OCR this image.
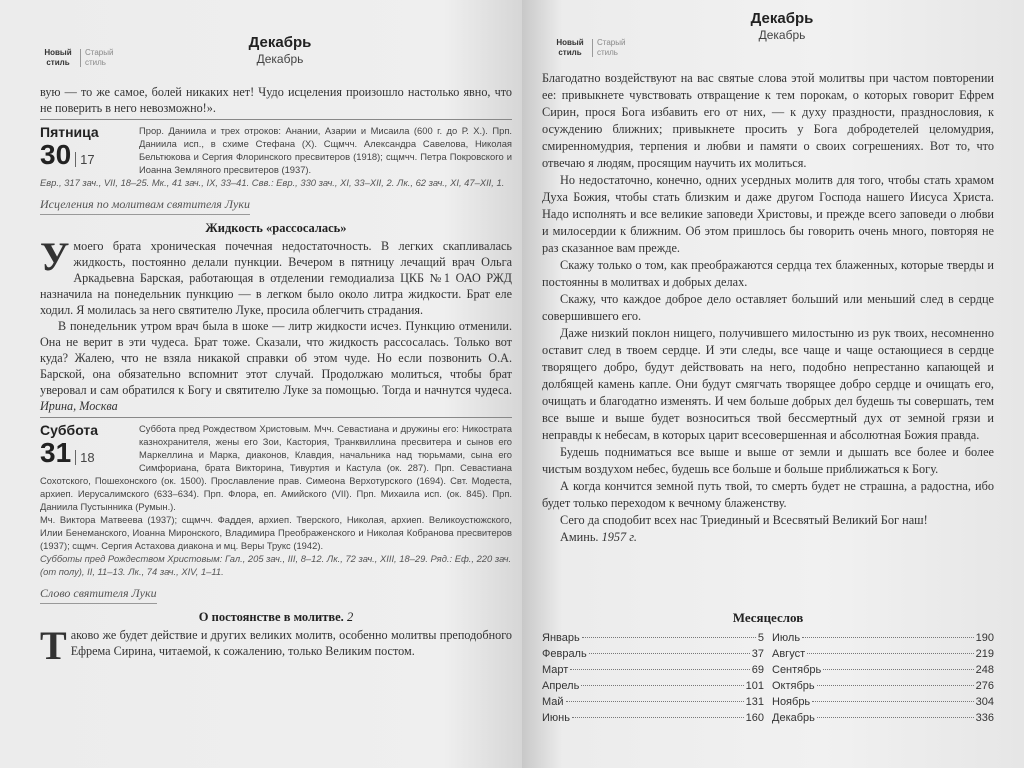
Новый стиль
Старый стиль
Декабрь
Декабрь
вую — то же самое, болей никаких нет! Чудо исцеления произошло настолько явно, что не поверить в него невозможно!».
Пятница
30 17
Прор. Даниила и трех отроков: Анании, Азарии и Мисаила (600 г. до Р. Х.). Прп. Даниила исп., в схиме Стефана (X). Сщмчч. Александра Савелова, Николая Бельтюкова и Сергия Флоринского пресвитеров (1918); сщмчч. Петра Покровского и Иоанна Земляного пресвитеров (1937).
Евр., 317 зач., VII, 18–25. Мк., 41 зач., IX, 33–41. Свв.: Евр., 330 зач., XI, 33–XII, 2. Лк., 62 зач., XI, 47–XII, 1.
Исцеления по молитвам святителя Луки
Жидкость «рассосалась»
У моего брата хроническая почечная недостаточность. В легких скапливалась жидкость, постоянно делали пункции. Вечером в пятницу лечащий врач Ольга Аркадьевна Барская, работающая в отделении гемодиализа ЦКБ №1 ОАО РЖД назначила на понедельник пункцию — в легком было около литра жидкости. Брат еле ходил. Я молилась за него святителю Луке, просила облегчить страдания.

В понедельник утром врач была в шоке — литр жидкости исчез. Пункцию отменили. Она не верит в эти чудеса. Брат тоже. Сказали, что жидкость рассосалась. Только вот куда? Жалею, что не взяла никакой справки об этом чуде. Но если позвонить О.А. Барской, она обязательно вспомнит этот случай. Продолжаю молиться, чтобы брат уверовал и сам обратился к Богу и святителю Луке за помощью. Тогда и начнутся чудеса. Ирина, Москва

Суббота
31 18
Суббота пред Рождеством Христовым. Мчч. Севастиана и дружины его: Никострата казнохранителя, жены его Зои, Кастория, Транквиллина пресвитера и сынов его Маркеллина и Марка, диаконов, Клавдия, начальника над тюрьмами, сына его Симфориана, брата Викторина, Тивуртия и Кастула (ок. 287). Прп. Севастиана Сохотского, Пошехонского (ок. 1500). Прославление прав. Симеона Верхотурского (1694). Свт. Модеста, архиеп. Иерусалимского (633–634). Прп. Флора, еп. Амийского (VII). Прп. Михаила исп. (ок. 845). Прп. Даниила Пустынника (Румын.).
Мч. Виктора Матвеева (1937); сщмчч. Фаддея, архиеп. Тверского, Николая, архиеп. Великоустюжского, Илии Бенеманского, Иоанна Миронского, Владимира Преображенского и Николая Кобранова пресвитеров (1937); сщмч. Сергия Астахова диакона и мц. Веры Трукс (1942).
Субботы пред Рождеством Христовым: Гал., 205 зач., III, 8–12. Лк., 72 зач., XIII, 18–29. Ряд.: Еф., 220 зач. (от полу), II, 11–13. Лк., 74 зач., XIV, 1–11.
Слово святителя Луки
О постоянстве в молитве. 2
Т аково же будет действие и других великих молитв, особенно молитвы преподобного Ефрема Сирина, читаемой, к сожалению, только Великим постом.
Новый стиль
Старый стиль
Декабрь
Декабрь

Благодатно воздействуют на вас святые слова этой молитвы при частом повторении ее: привыкнете чувствовать отвращение к тем порокам, о которых говорит Ефрем Сирин, прося Бога избавить его от них, — к духу праздности, празднословия, к осуждению ближних; привыкнете просить у Бога добродетелей целомудрия, смиренномудрия, терпения и любви и памяти о своих согрешениях. Вот то, что отвечаю я людям, просящим научить их молиться.

Но недостаточно, конечно, одних усердных молитв для того, чтобы стать храмом Духа Божия, чтобы стать близким и даже другом Господа нашего Иисуса Христа. Надо исполнять и все великие заповеди Христовы, и прежде всего заповеди о любви и милосердии к ближним. Об этом пришлось бы говорить очень много, повторяя не раз сказанное вам прежде.

Скажу только о том, как преображаются сердца тех блаженных, которые тверды и постоянны в молитвах и добрых делах.

Скажу, что каждое доброе дело оставляет больший или меньший след в сердце совершившего его.

Даже низкий поклон нищего, получившего милостыню из рук твоих, несомненно оставит след в твоем сердце. И эти следы, все чаще и чаще остающиеся в сердце творящего добро, будут действовать на него, подобно непрестанно капающей и долбящей камень капле. Они будут смягчать творящее добро сердце и очищать его, очищать и благодатно изменять. И чем больше добрых дел будешь ты совершать, тем все выше и выше будет возноситься твой бессмертный дух от земной грязи и неправды к небесам, в которых царит всесовершенная и абсолютная Божия правда.

Будешь подниматься все выше и выше от земли и дышать все более и более чистым воздухом небес, будешь все больше и больше приближаться к Богу.

А когда кончится земной путь твой, то смерть будет не страшна, а радостна, ибо будет только переходом к вечному блаженству.

Сего да сподобит всех нас Триединый и Всесвятый Великий Бог наш!

Аминь. 1957 г.

Месяцеслов
Январь	5
Февраль	37
Март	69
Апрель	101
Май	131
Июнь	160
Июль	190
Август	219
Сентябрь	248
Октябрь	276
Ноябрь	304
Декабрь	336
